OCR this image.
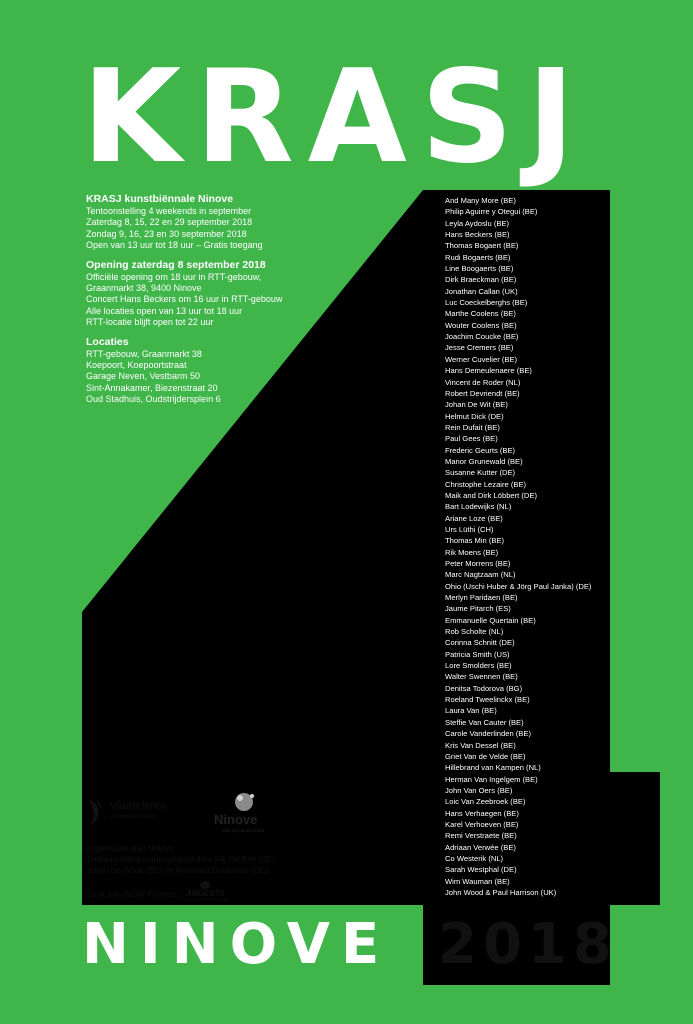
KRASJ
KRASJ kunstbiënnale Ninove
Tentoonstelling 4 weekends in september
Zaterdag 8, 15, 22 en 29 september 2018
Zondag 9, 16, 23 en 30 september 2018
Open van 13 uur tot 18 uur – Gratis toegang
Opening zaterdag 8 september 2018
Officiële opening om 18 uur in RTT-gebouw,
Graanmarkt 38, 9400 Ninove
Concert Hans Beckers om 16 uur in RTT-gebouw
Alle locaties open van 13 uur tot 18 uur
RTT-locatie blijft open tot 22 uur
Locaties
RTT-gebouw, Graanmarkt 38
Koepoort, Koepoortstraat
Garage Neven, Vestbarm 50
Sint-Annakamer, Biezenstraat 20
Oud Stadhuis, Oudstrijdersplein 6
And Many More (BE)
Philip Aguirre y Otegui (BE)
Leyla Aydoslu (BE)
Hans Beckers (BE)
Thomas Bogaert (BE)
Rudi Bogaerts (BE)
Line Boogaerts (BE)
Dirk Braeckman (BE)
Jonathan Callan (UK)
Luc Coeckelberghs (BE)
Marthe Coolens (BE)
Wouter Coolens (BE)
Joachim Coucke (BE)
Jesse Cremers (BE)
Werner Cuvelier (BE)
Hans Demeulenaere (BE)
Vincent de Roder (NL)
Robert Devriendt (BE)
Johan De Wit (BE)
Helmut Dick (DE)
Rein Dufait (BE)
Paul Gees (BE)
Frederic Geurts (BE)
Manor Grunewald (BE)
Susanne Kutter (DE)
Christophe Lezaire (BE)
Maik and Dirk Löbbert (DE)
Bart Lodewijks (NL)
Ariane Loze (BE)
Urs Lüthi (CH)
Thomas Min (BE)
Rik Moens (BE)
Peter Morrens (BE)
Marc Nagtzaam (NL)
Ohio (Uschi Huber & Jörg Paul Janka) (DE)
Merlyn Paridaen (BE)
Jaume Pitarch (ES)
Emmanuelle Quertain (BE)
Rob Scholte (NL)
Corinna Schnitt (DE)
Patricia Smith (US)
Lore Smolders (BE)
Walter Swennen (BE)
Denitsa Todorova (BG)
Roeland Tweelinckx (BE)
Laura Van (BE)
Steffie Van Cauter (BE)
Carole Vanderlinden (BE)
Kris Van Dessel (BE)
Griet Van de Velde (BE)
Hillebrand van Kampen (NL)
Herman Van Ingelgem (BE)
John Van Oers (BE)
Loic Van Zeebroek (BE)
Hans Verhaegen (BE)
Karel Verhoeven (BE)
Remi Verstraete (BE)
Adriaan Verwée (BE)
Co Westerik (NL)
Sarah Westphal (DE)
Wim Wauman (BE)
John Wood & Paul Harrison (UK)
Vlaanderen
verbeelding werkt	Ninove
stad op mensenmaat
Organisatie stad Ninove.
Tentoonstelling samengesteld door Rik De Boe (BE),
Johan De Wilde (BE) en Reinhard Doubrawa (DE).
Dank aan WOW Projects. ARGENTA
BANK & VERZEKERINGEN
NINOVE 2018
